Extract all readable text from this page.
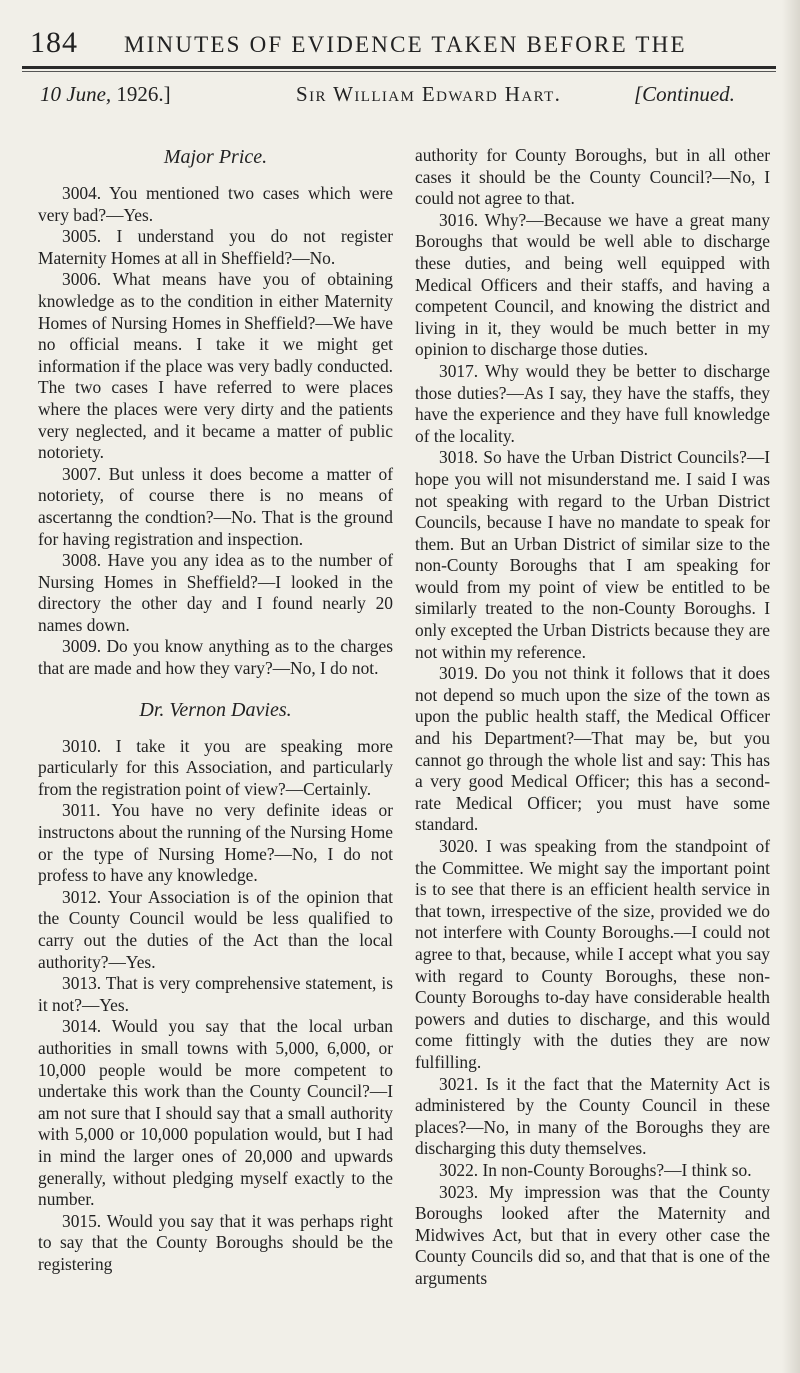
184 MINUTES OF EVIDENCE TAKEN BEFORE THE
10 June, 1926.]	Sir William Edward Hart.	[Continued.
Major Price.

3004. You mentioned two cases which were very bad?—Yes.

3005. I understand you do not register Maternity Homes at all in Sheffield?—No.

3006. What means have you of obtaining knowledge as to the condition in either Maternity Homes of Nursing Homes in Sheffield?—We have no official means. I take it we might get information if the place was very badly conducted. The two cases I have referred to were places where the places were very dirty and the patients very neglected, and it became a matter of public notoriety.

3007. But unless it does become a matter of notoriety, of course there is no means of ascertanng the condtion?—No. That is the ground for having registration and inspection.

3008. Have you any idea as to the number of Nursing Homes in Sheffield?—I looked in the directory the other day and I found nearly 20 names down.

3009. Do you know anything as to the charges that are made and how they vary?—No, I do not.

Dr. Vernon Davies.

3010. I take it you are speaking more particularly for this Association, and particularly from the registration point of view?—Certainly.

3011. You have no very definite ideas or instructons about the running of the Nursing Home or the type of Nursing Home?—No, I do not profess to have any knowledge.

3012. Your Association is of the opinion that the County Council would be less qualified to carry out the duties of the Act than the local authority?—Yes.

3013. That is very comprehensive statement, is it not?—Yes.

3014. Would you say that the local urban authorities in small towns with 5,000, 6,000, or 10,000 people would be more competent to undertake this work than the County Council?—I am not sure that I should say that a small authority with 5,000 or 10,000 population would, but I had in mind the larger ones of 20,000 and upwards generally, without pledging myself exactly to the number.

3015. Would you say that it was perhaps right to say that the County Boroughs should be the registering

authority for County Boroughs, but in all other cases it should be the County Council?—No, I could not agree to that.

3016. Why?—Because we have a great many Boroughs that would be well able to discharge these duties, and being well equipped with Medical Officers and their staffs, and having a competent Council, and knowing the district and living in it, they would be much better in my opinion to discharge those duties.

3017. Why would they be better to discharge those duties?—As I say, they have the staffs, they have the experience and they have full knowledge of the locality.

3018. So have the Urban District Councils?—I hope you will not misunderstand me. I said I was not speaking with regard to the Urban District Councils, because I have no mandate to speak for them. But an Urban District of similar size to the non-County Boroughs that I am speaking for would from my point of view be entitled to be similarly treated to the non-County Boroughs. I only excepted the Urban Districts because they are not within my reference.

3019. Do you not think it follows that it does not depend so much upon the size of the town as upon the public health staff, the Medical Officer and his Department?—That may be, but you cannot go through the whole list and say: This has a very good Medical Officer; this has a second-rate Medical Officer; you must have some standard.

3020. I was speaking from the standpoint of the Committee. We might say the important point is to see that there is an efficient health service in that town, irrespective of the size, provided we do not interfere with County Boroughs.—I could not agree to that, because, while I accept what you say with regard to County Boroughs, these non-County Boroughs to-day have considerable health powers and duties to discharge, and this would come fittingly with the duties they are now fulfilling.

3021. Is it the fact that the Maternity Act is administered by the County Council in these places?—No, in many of the Boroughs they are discharging this duty themselves.

3022. In non-County Boroughs?—I think so.

3023. My impression was that the County Boroughs looked after the Maternity and Midwives Act, but that in every other case the County Councils did so, and that that is one of the arguments
